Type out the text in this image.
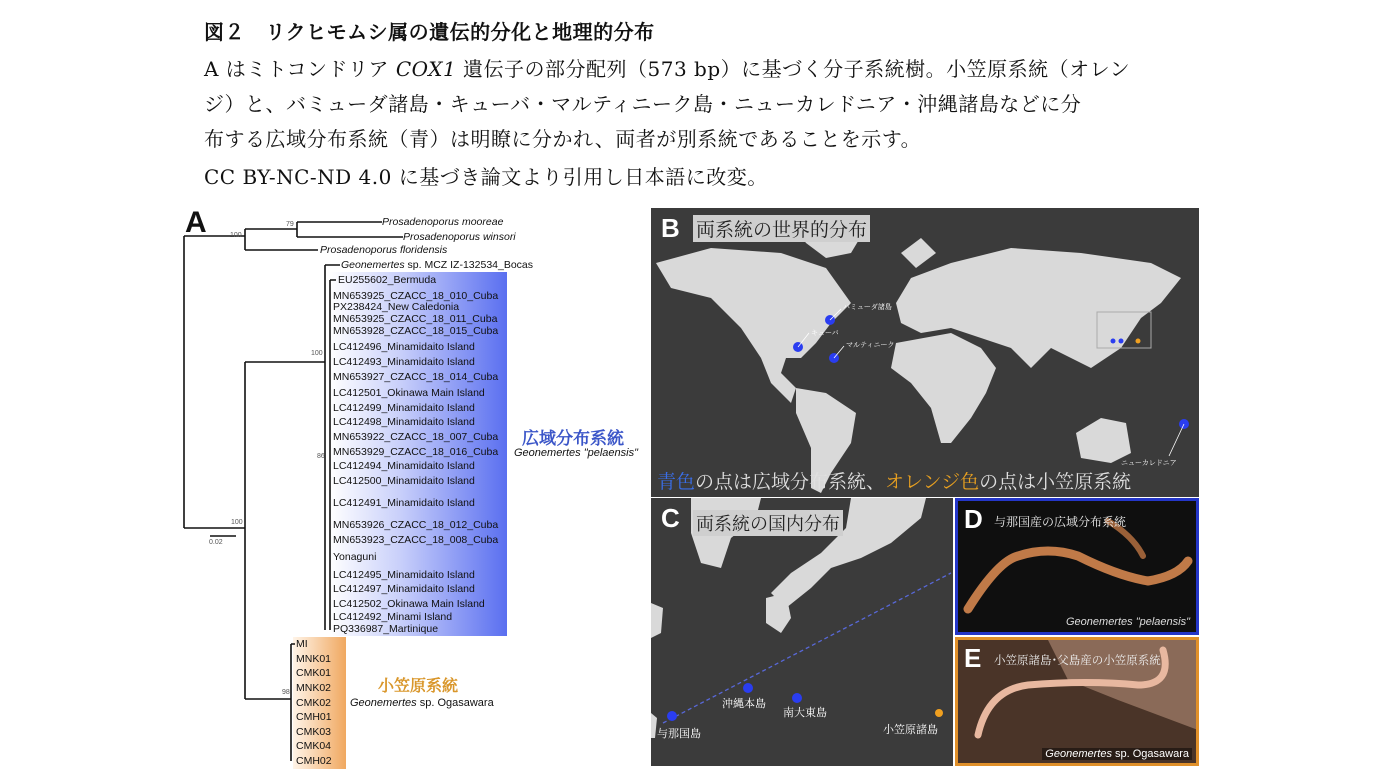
図２　リクヒモムシ属の遺伝的分化と地理的分布
A はミトコンドリア COX1 遺伝子の部分配列（573 bp）に基づく分子系統樹。小笠原系統（オレン
ジ）と、バミューダ諸島・キューバ・マルティニーク島・ニューカレドニア・沖縄諸島などに分
布する広域分布系統（青）は明瞭に分かれ、両者が別系統であることを示す。
CC BY-NC-ND 4.0 に基づき論文より引用し日本語に改変。
A	Prosadenoporus mooreae
Prosadenoporus winsori
Prosadenoporus floridensis
Geonemertes sp. MCZ IZ-132534_Bocas
EU255602_Bermuda
MN653925_CZACC_18_010_Cuba
PX238424_New Caledonia
MN653925_CZACC_18_011_Cuba
MN653928_CZACC_18_015_Cuba
LC412496_Minamidaito Island
LC412493_Minamidaito Island
MN653927_CZACC_18_014_Cuba
LC412501_Okinawa Main Island
LC412499_Minamidaito Island
LC412498_Minamidaito Island
MN653922_CZACC_18_007_Cuba
MN653929_CZACC_18_016_Cuba
LC412494_Minamidaito Island
LC412500_Minamidaito Island
LC412491_Minamidaito Island
MN653926_CZACC_18_012_Cuba
MN653923_CZACC_18_008_Cuba
Yonaguni
LC412495_Minamidaito Island
LC412497_Minamidaito Island
LC412502_Okinawa Main Island
LC412492_Minami Island
PQ336987_Martinique
MI
MNK01
CMK01
MNK02
CMK02
CMH01
CMK03
CMK04
CMH02
79
100
100
86
100
98
0.02
広域分布系統
Geonemertes "pelaensis"
小笠原系統
Geonemertes sp. Ogasawara
B 両系統の世界的分布
バミューダ諸島
キューバ
マルティニーク
ニューカレドニア
青色の点は広域分布系統、オレンジ色の点は小笠原系統
C 両系統の国内分布
沖縄本島
南大東島
与那国島	小笠原諸島
D 与那国産の広域分布系統
Geonemertes "pelaensis"
E 小笠原諸島･父島産の小笠原系統
Geonemertes sp. Ogasawara
